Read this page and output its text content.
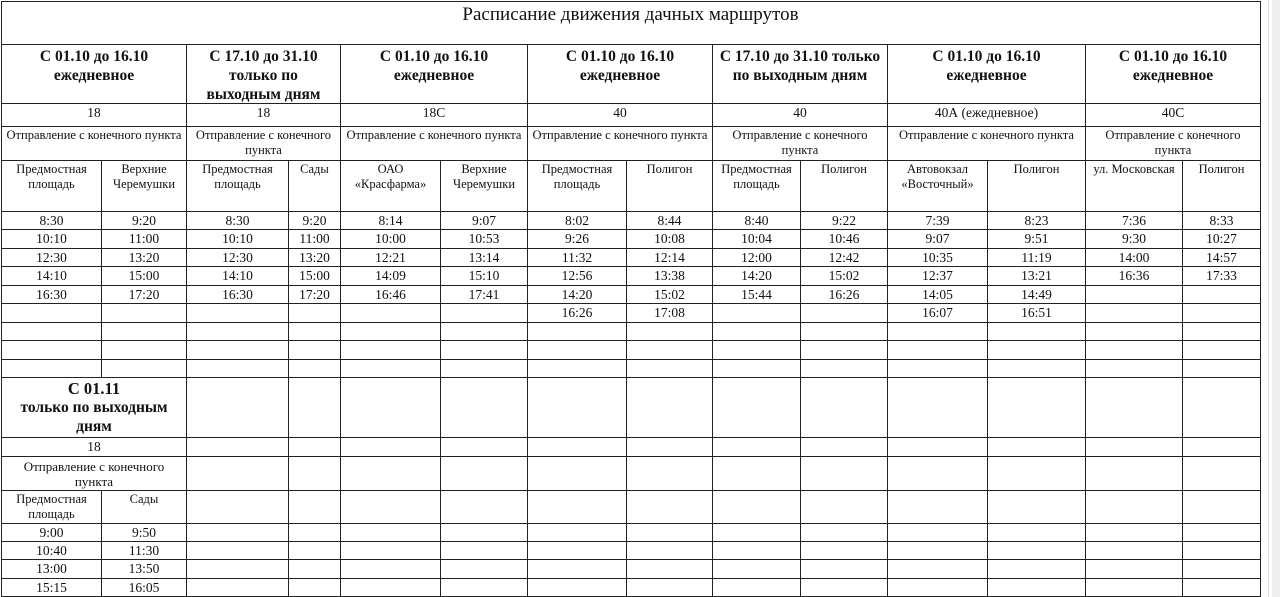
Расписание движения дачных маршрутов
С 01.10 до 16.10 ежедневное
18
Отправление с конечного пункта
Предмостная площадь
Верхние Черемушки
8:30	9:20
10:10	11:00
12:30	13:20
14:10	15:00
16:30	17:20
С 17.10 до 31.10 только по выходным дням
18
Отправление с конечного пункта
Предмостная площадь
Сады
8:30	9:20
10:10	11:00
12:30	13:20
14:10	15:00
16:30	17:20
С 01.10 до 16.10 ежедневное
18С
Отправление с конечного пункта
ОАО «Красфарма»
Верхние Черемушки
8:14	9:07
10:00	10:53
12:21	13:14
14:09	15:10
16:46	17:41
С 01.10 до 16.10 ежедневное
40
Отправление с конечного пункта
Предмостная площадь
Полигон
8:02	8:44
9:26	10:08
11:32	12:14
12:56	13:38
14:20	15:02
16:26	17:08
С 17.10 до 31.10 только по выходным дням
40
Отправление с конечного пункта
Предмостная площадь
Полигон
8:40	9:22
10:04	10:46
12:00	12:42
14:20	15:02
15:44	16:26
С 01.10 до 16.10 ежедневное
40А (ежедневное)
Отправление с конечного пункта
Автовокзал «Восточный»
Полигон
7:39	8:23
9:07	9:51
10:35	11:19
12:37	13:21
14:05	14:49
16:07	16:51
С 01.10 до 16.10 ежедневное
40С
Отправление с конечного пункта
ул. Московская	Полигон
7:36	8:33
9:30	10:27
14:00	14:57
16:36	17:33
С 01.11
только по выходным дням
18
Отправление с конечного пункта
Предмостная площадь
Сады
9:00	9:50
10:40	11:30
13:00	13:50
15:15	16:05
